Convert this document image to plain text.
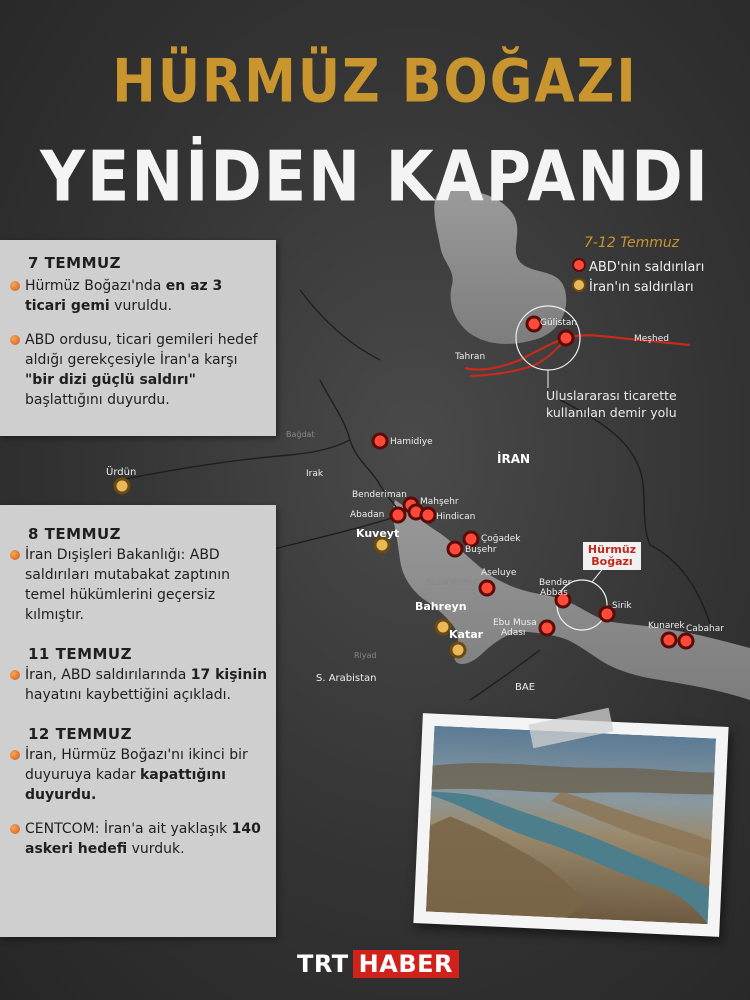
HÜRMÜZ BOĞAZI
YENİDEN KAPANDI
7-12 Temmuz
ABD'nin saldırıları
İran'ın saldırıları
Uluslararası ticarette
kullanılan demir yolu
Hürmüz
Boğazı
Hazar Denizi
Gülistan
Meşhed
Tahran
Bağdat
Hamidiye
İRAN
Irak
Ürdün
Benderiman
Mahşehr
Abadan	Hindican
Kuveyt	Çoğadek
Buşehr
Basra Körfezi
Aseluye
Bender
Abbas
Bahreyn	Sirik
Ebu Musa
Adası
Kunarek Cabahar
Katar
Riyad
S. Arabistan
BAE
7 TEMMUZ
Hürmüz Boğazı'nda en az 3 ticari gemi vuruldu.
ABD ordusu, ticari gemileri hedef aldığı gerekçesiyle İran'a karşı "bir dizi güçlü saldırı" başlattığını duyurdu.
8 TEMMUZ
İran Dışişleri Bakanlığı: ABD saldırıları mutabakat zaptının temel hükümlerini geçersiz kılmıştır.
11 TEMMUZ
İran, ABD saldırılarında 17 kişinin hayatını kaybettiğini açıkladı.
12 TEMMUZ
İran, Hürmüz Boğazı'nı ikinci bir duyuruya kadar kapattığını duyurdu.
CENTCOM: İran'a ait yaklaşık 140 askeri hedefi vurduk.
TRT HABER
